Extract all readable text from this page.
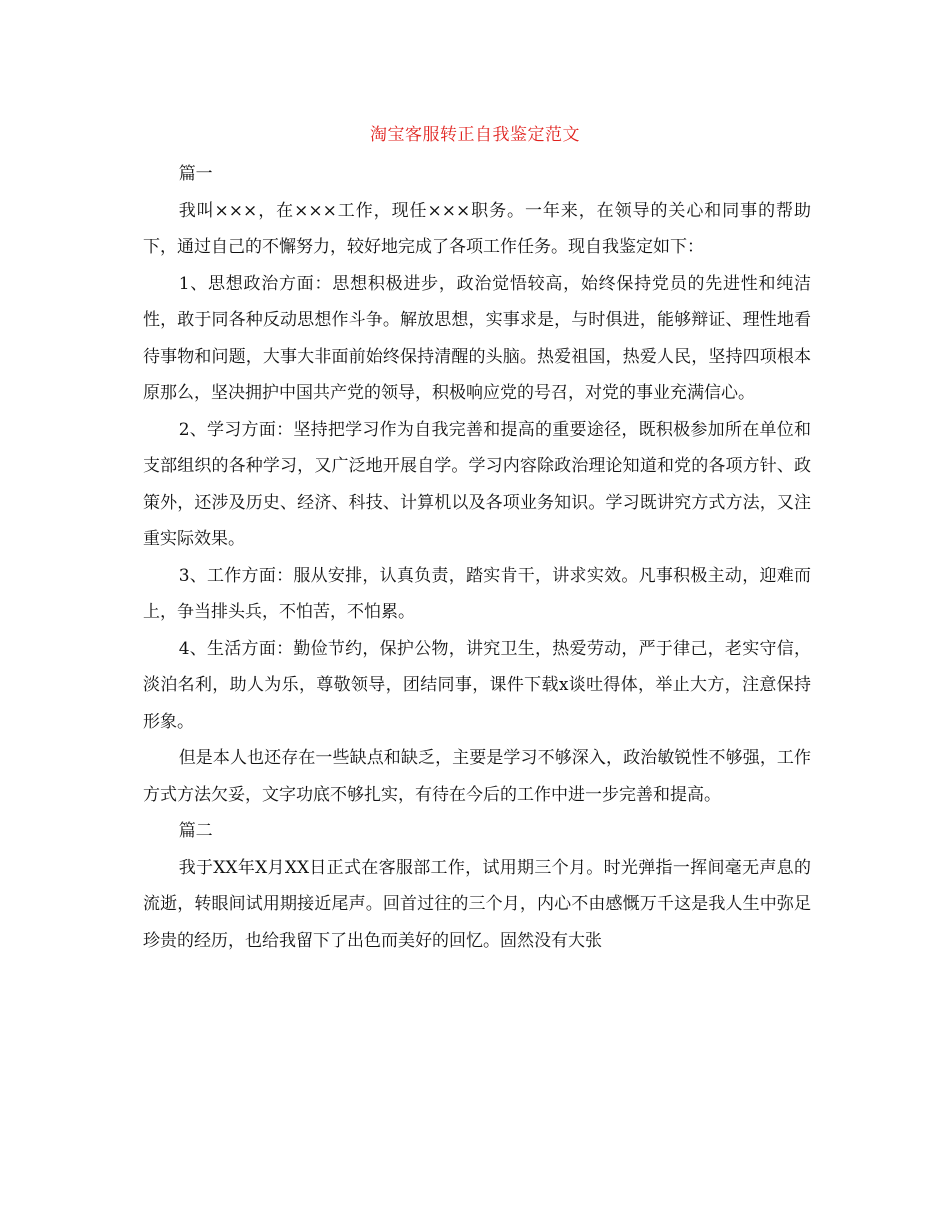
淘宝客服转正自我鉴定范文

篇一

我叫×××，在×××工作，现任×××职务。一年来，在领导的关心和同事的帮助下，通过自己的不懈努力，较好地完成了各项工作任务。现自我鉴定如下：

1、思想政治方面：思想积极进步，政治觉悟较高，始终保持党员的先进性和纯洁性，敢于同各种反动思想作斗争。解放思想，实事求是，与时俱进，能够辩证、理性地看待事物和问题，大事大非面前始终保持清醒的头脑。热爱祖国，热爱人民，坚持四项根本原那么，坚决拥护中国共产党的领导，积极响应党的号召，对党的事业充满信心。

2、学习方面：坚持把学习作为自我完善和提高的重要途径，既积极参加所在单位和支部组织的各种学习，又广泛地开展自学。学习内容除政治理论知道和党的各项方针、政策外，还涉及历史、经济、科技、计算机以及各项业务知识。学习既讲究方式方法，又注重实际效果。

3、工作方面：服从安排，认真负责，踏实肯干，讲求实效。凡事积极主动，迎难而上，争当排头兵，不怕苦，不怕累。

4、生活方面：勤俭节约，保护公物，讲究卫生，热爱劳动，严于律己，老实守信，淡泊名利，助人为乐，尊敬领导，团结同事，课件下载x谈吐得体，举止大方，注意保持形象。

但是本人也还存在一些缺点和缺乏，主要是学习不够深入，政治敏锐性不够强，工作方式方法欠妥，文字功底不够扎实，有待在今后的工作中进一步完善和提高。

篇二

我于XX年X月XX日正式在客服部工作，试用期三个月。时光弹指一挥间毫无声息的流逝，转眼间试用期接近尾声。回首过往的三个月，内心不由感慨万千这是我人生中弥足珍贵的经历，也给我留下了出色而美好的回忆。固然没有大张
